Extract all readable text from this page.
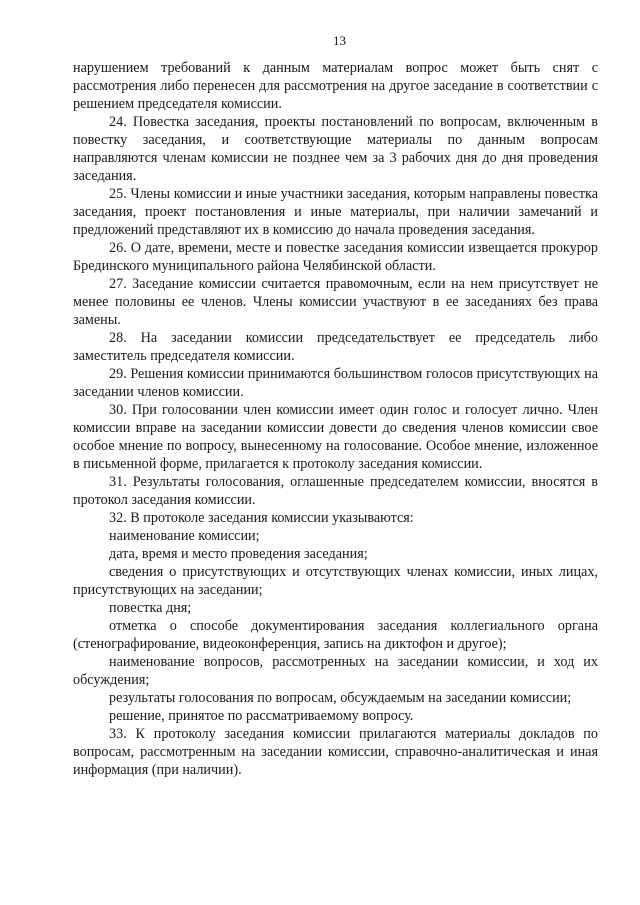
13

нарушением требований к данным материалам вопрос может быть снят с рассмотрения либо перенесен для рассмотрения на другое заседание в соответствии с решением председателя комиссии.

24. Повестка заседания, проекты постановлений по вопросам, включенным в повестку заседания, и соответствующие материалы по данным вопросам направляются членам комиссии не позднее чем за 3 рабочих дня до дня проведения заседания.

25. Члены комиссии и иные участники заседания, которым направлены повестка заседания, проект постановления и иные материалы, при наличии замечаний и предложений представляют их в комиссию до начала проведения заседания.

26. О дате, времени, месте и повестке заседания комиссии извещается прокурор Брединского муниципального района Челябинской области.

27. Заседание комиссии считается правомочным, если на нем присутствует не менее половины ее членов. Члены комиссии участвуют в ее заседаниях без права замены.

28. На заседании комиссии председательствует ее председатель либо заместитель председателя комиссии.

29. Решения комиссии принимаются большинством голосов присутствующих на заседании членов комиссии.

30. При голосовании член комиссии имеет один голос и голосует лично. Член комиссии вправе на заседании комиссии довести до сведения членов комиссии свое особое мнение по вопросу, вынесенному на голосование. Особое мнение, изложенное в письменной форме, прилагается к протоколу заседания комиссии.

31. Результаты голосования, оглашенные председателем комиссии, вносятся в протокол заседания комиссии.

32. В протоколе заседания комиссии указываются:

наименование комиссии;

дата, время и место проведения заседания;

сведения о присутствующих и отсутствующих членах комиссии, иных лицах, присутствующих на заседании;

повестка дня;

отметка о способе документирования заседания коллегиального органа (стенографирование, видеоконференция, запись на диктофон и другое);

наименование вопросов, рассмотренных на заседании комиссии, и ход их обсуждения;

результаты голосования по вопросам, обсуждаемым на заседании комиссии;

решение, принятое по рассматриваемому вопросу.

33. К протоколу заседания комиссии прилагаются материалы докладов по вопросам, рассмотренным на заседании комиссии, справочно-аналитическая и иная информация (при наличии).
